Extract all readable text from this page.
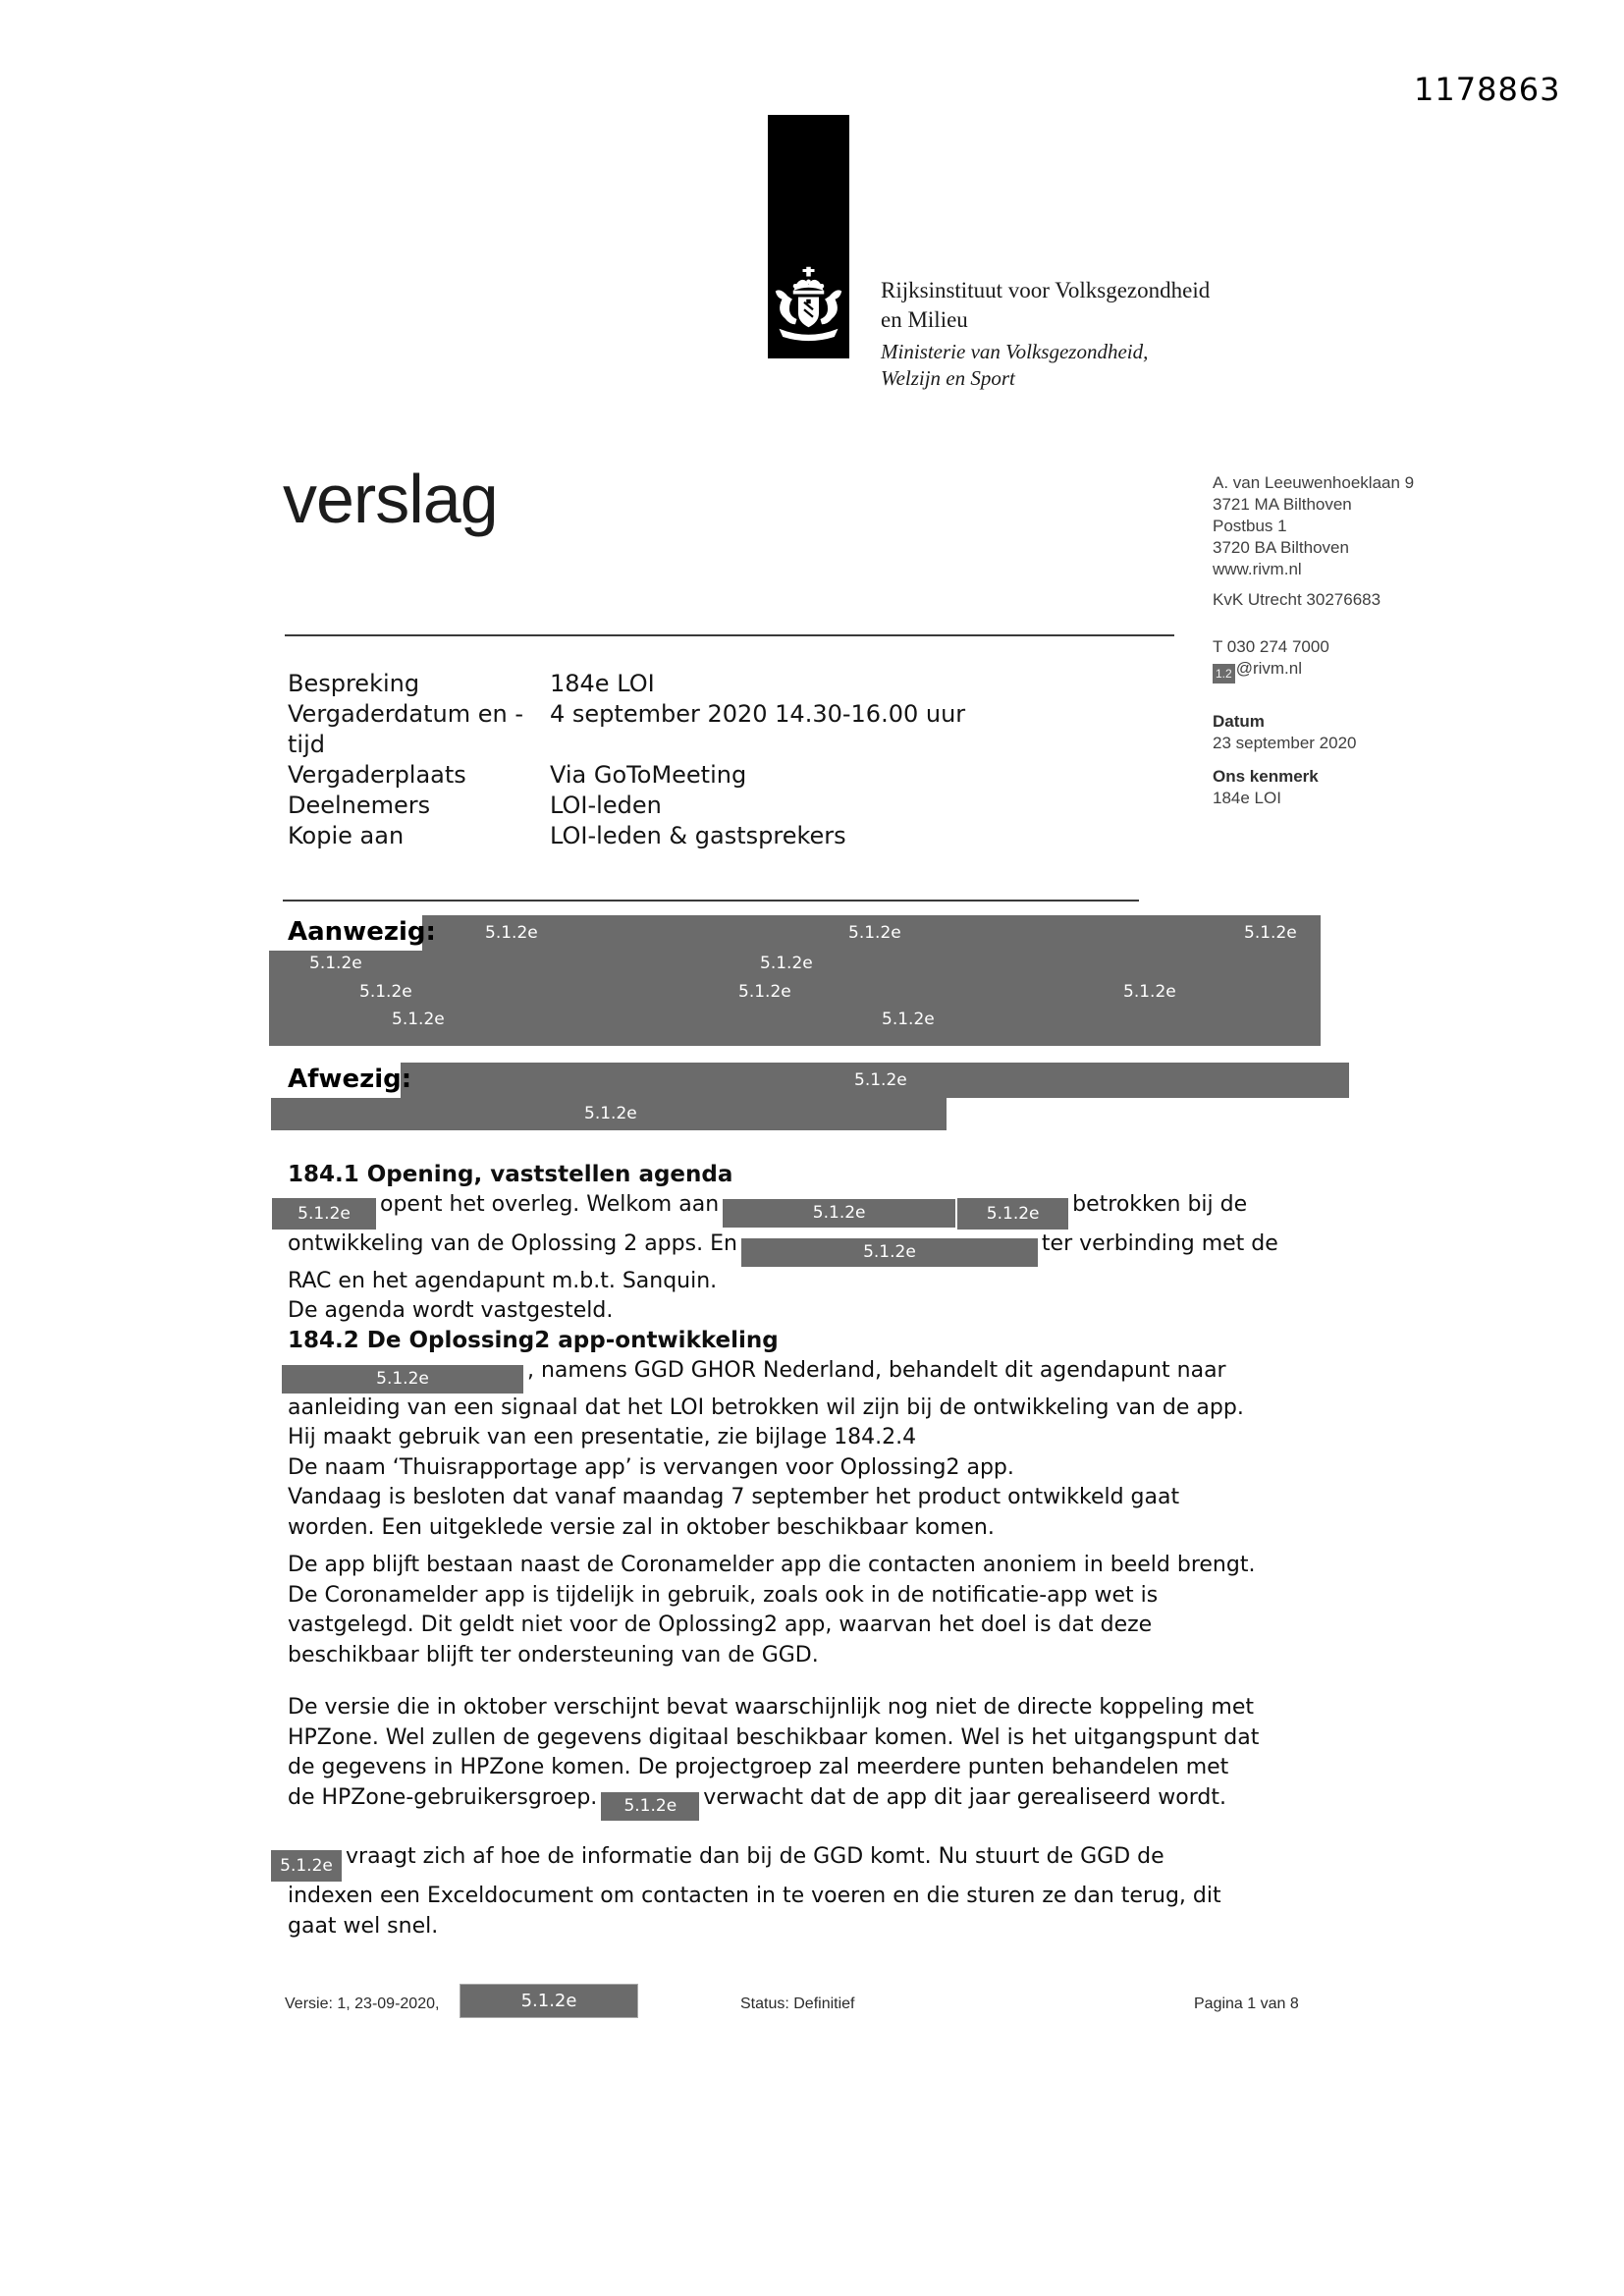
1178863
Rijksinstituut voor Volksgezondheid
en Milieu
Ministerie van Volksgezondheid,
Welzijn en Sport
verslag	A. van Leeuwenhoeklaan 9
3721 MA Bilthoven
Postbus 1
3720 BA Bilthoven
www.rivm.nl
KvK Utrecht 30276683
T 030 274 7000
1.2 @rivm.nl
Datum
23 september 2020
Ons kenmerk
184e LOI
Bespreking	184e LOI
Vergaderdatum en -	4 september 2020 14.30-16.00 uur
tijd
Vergaderplaats	Via GoToMeeting
Deelnemers	LOI-leden
Kopie aan	LOI-leden & gastsprekers
Aanwezig:	5.1.2e	5.1.2e	5.1.2e
5.1.2e	5.1.2e
5.1.2e	5.1.2e	5.1.2e
5.1.2e	5.1.2e
Afwezig:	5.1.2e
5.1.2e
184.1 Opening, vaststellen agenda
5.1.2e opent het overleg. Welkom aan	5.1.2e	5.1.2e betrokken bij de
ontwikkeling van de Oplossing 2 apps. En	5.1.2e	ter verbinding met de
RAC en het agendapunt m.b.t. Sanquin.
De agenda wordt vastgesteld.
184.2 De Oplossing2 app-ontwikkeling
5.1.2e	, namens GGD GHOR Nederland, behandelt dit agendapunt naar
aanleiding van een signaal dat het LOI betrokken wil zijn bij de ontwikkeling van de app.
Hij maakt gebruik van een presentatie, zie bijlage 184.2.4
De naam ‘Thuisrapportage app’ is vervangen voor Oplossing2 app.
Vandaag is besloten dat vanaf maandag 7 september het product ontwikkeld gaat
worden. Een uitgeklede versie zal in oktober beschikbaar komen.
De app blijft bestaan naast de Coronamelder app die contacten anoniem in beeld brengt.
De Coronamelder app is tijdelijk in gebruik, zoals ook in de notificatie-app wet is
vastgelegd. Dit geldt niet voor de Oplossing2 app, waarvan het doel is dat deze
beschikbaar blijft ter ondersteuning van de GGD.
De versie die in oktober verschijnt bevat waarschijnlijk nog niet de directe koppeling met
HPZone. Wel zullen de gegevens digitaal beschikbaar komen. Wel is het uitgangspunt dat
de gegevens in HPZone komen. De projectgroep zal meerdere punten behandelen met
de HPZone-gebruikersgroep. 5.1.2e verwacht dat de app dit jaar gerealiseerd wordt.
5.1.2e vraagt zich af hoe de informatie dan bij de GGD komt. Nu stuurt de GGD de
indexen een Exceldocument om contacten in te voeren en die sturen ze dan terug, dit
gaat wel snel.
Versie: 1, 23-09-2020,	5.1.2e	Status: Definitief	Pagina 1 van 8
